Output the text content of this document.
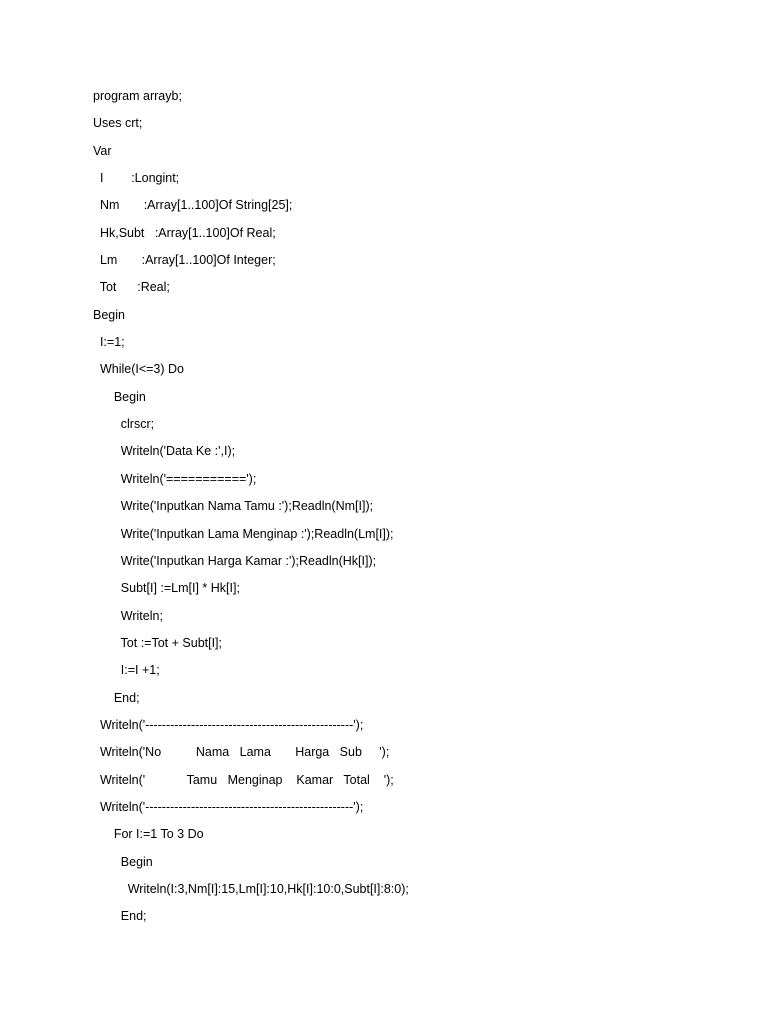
program arrayb;
Uses crt;
Var
I        :Longint;
Nm       :Array[1..100]Of String[25];
Hk,Subt   :Array[1..100]Of Real;
Lm       :Array[1..100]Of Integer;
Tot      :Real;
Begin
I:=1;
While(I<=3) Do
Begin
clrscr;
Writeln('Data Ke :',I);
Writeln('===========');
Write('Inputkan Nama Tamu :');Readln(Nm[I]);
Write('Inputkan Lama Menginap :');Readln(Lm[I]);
Write('Inputkan Harga Kamar :');Readln(Hk[I]);
Subt[I] :=Lm[I] * Hk[I];
Writeln;
Tot :=Tot + Subt[I];
I:=I +1;
End;
Writeln('--------------------------------------------------');
Writeln('No          Nama   Lama       Harga   Sub     ');
Writeln('            Tamu   Menginap    Kamar   Total    ');
Writeln('--------------------------------------------------');
For I:=1 To 3 Do
Begin
Writeln(I:3,Nm[I]:15,Lm[I]:10,Hk[I]:10:0,Subt[I]:8:0);
End;
